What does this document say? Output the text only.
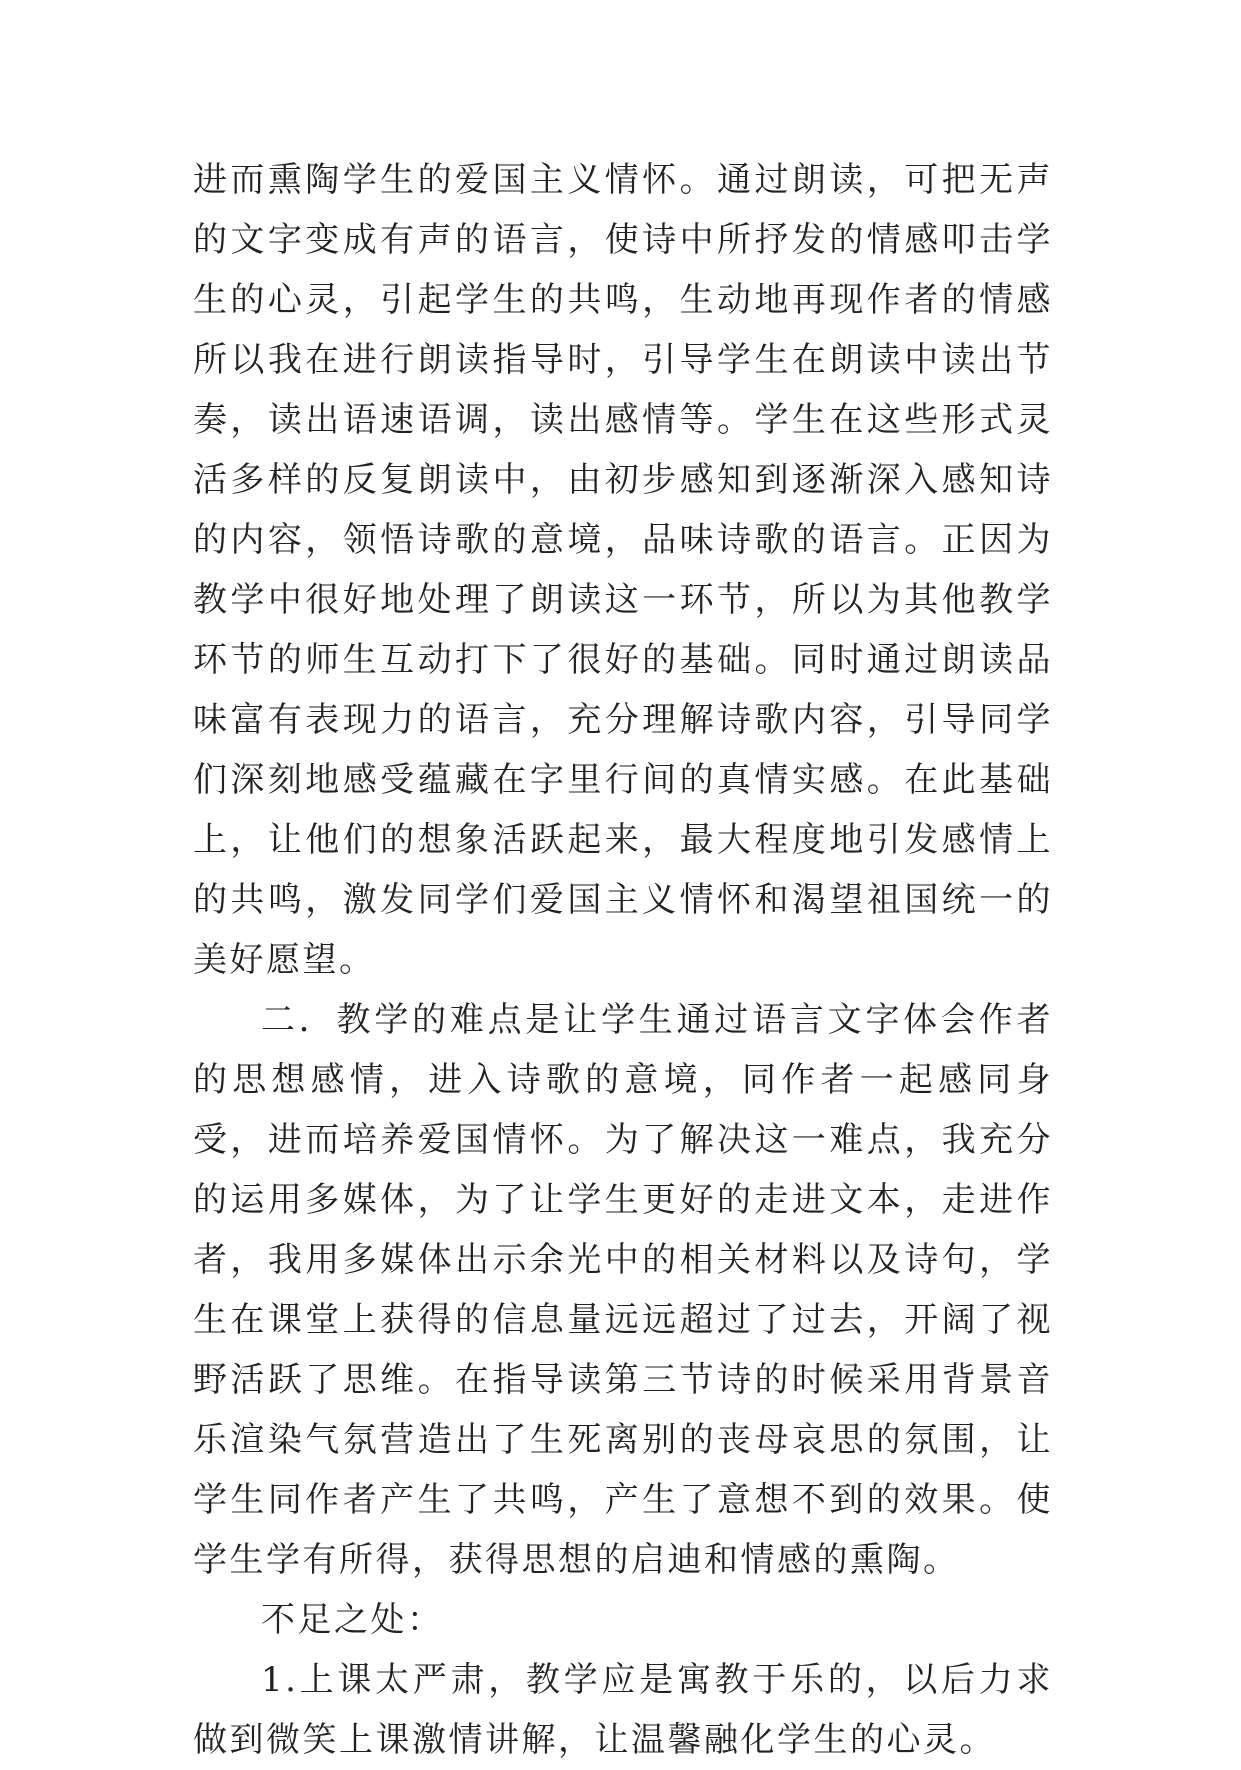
进而熏陶学生的爱国主义情怀。通过朗读，可把无声的文字变成有声的语言，使诗中所抒发的情感叩击学生的心灵，引起学生的共鸣，生动地再现作者的情感所以我在进行朗读指导时，引导学生在朗读中读出节奏，读出语速语调，读出感情等。学生在这些形式灵活多样的反复朗读中，由初步感知到逐渐深入感知诗的内容，领悟诗歌的意境，品味诗歌的语言。正因为教学中很好地处理了朗读这一环节，所以为其他教学环节的师生互动打下了很好的基础。同时通过朗读品味富有表现力的语言，充分理解诗歌内容，引导同学们深刻地感受蕴藏在字里行间的真情实感。在此基础上，让他们的想象活跃起来，最大程度地引发感情上的共鸣，激发同学们爱国主义情怀和渴望祖国统一的美好愿望。

二．教学的难点是让学生通过语言文字体会作者的思想感情，进入诗歌的意境，同作者一起感同身受，进而培养爱国情怀。为了解决这一难点，我充分的运用多媒体，为了让学生更好的走进文本，走进作者，我用多媒体出示余光中的相关材料以及诗句，学生在课堂上获得的信息量远远超过了过去，开阔了视野活跃了思维。在指导读第三节诗的时候采用背景音乐渲染气氛营造出了生死离别的丧母哀思的氛围，让学生同作者产生了共鸣，产生了意想不到的效果。使学生学有所得，获得思想的启迪和情感的熏陶。

不足之处：

1.上课太严肃，教学应是寓教于乐的，以后力求做到微笑上课激情讲解，让温馨融化学生的心灵。
